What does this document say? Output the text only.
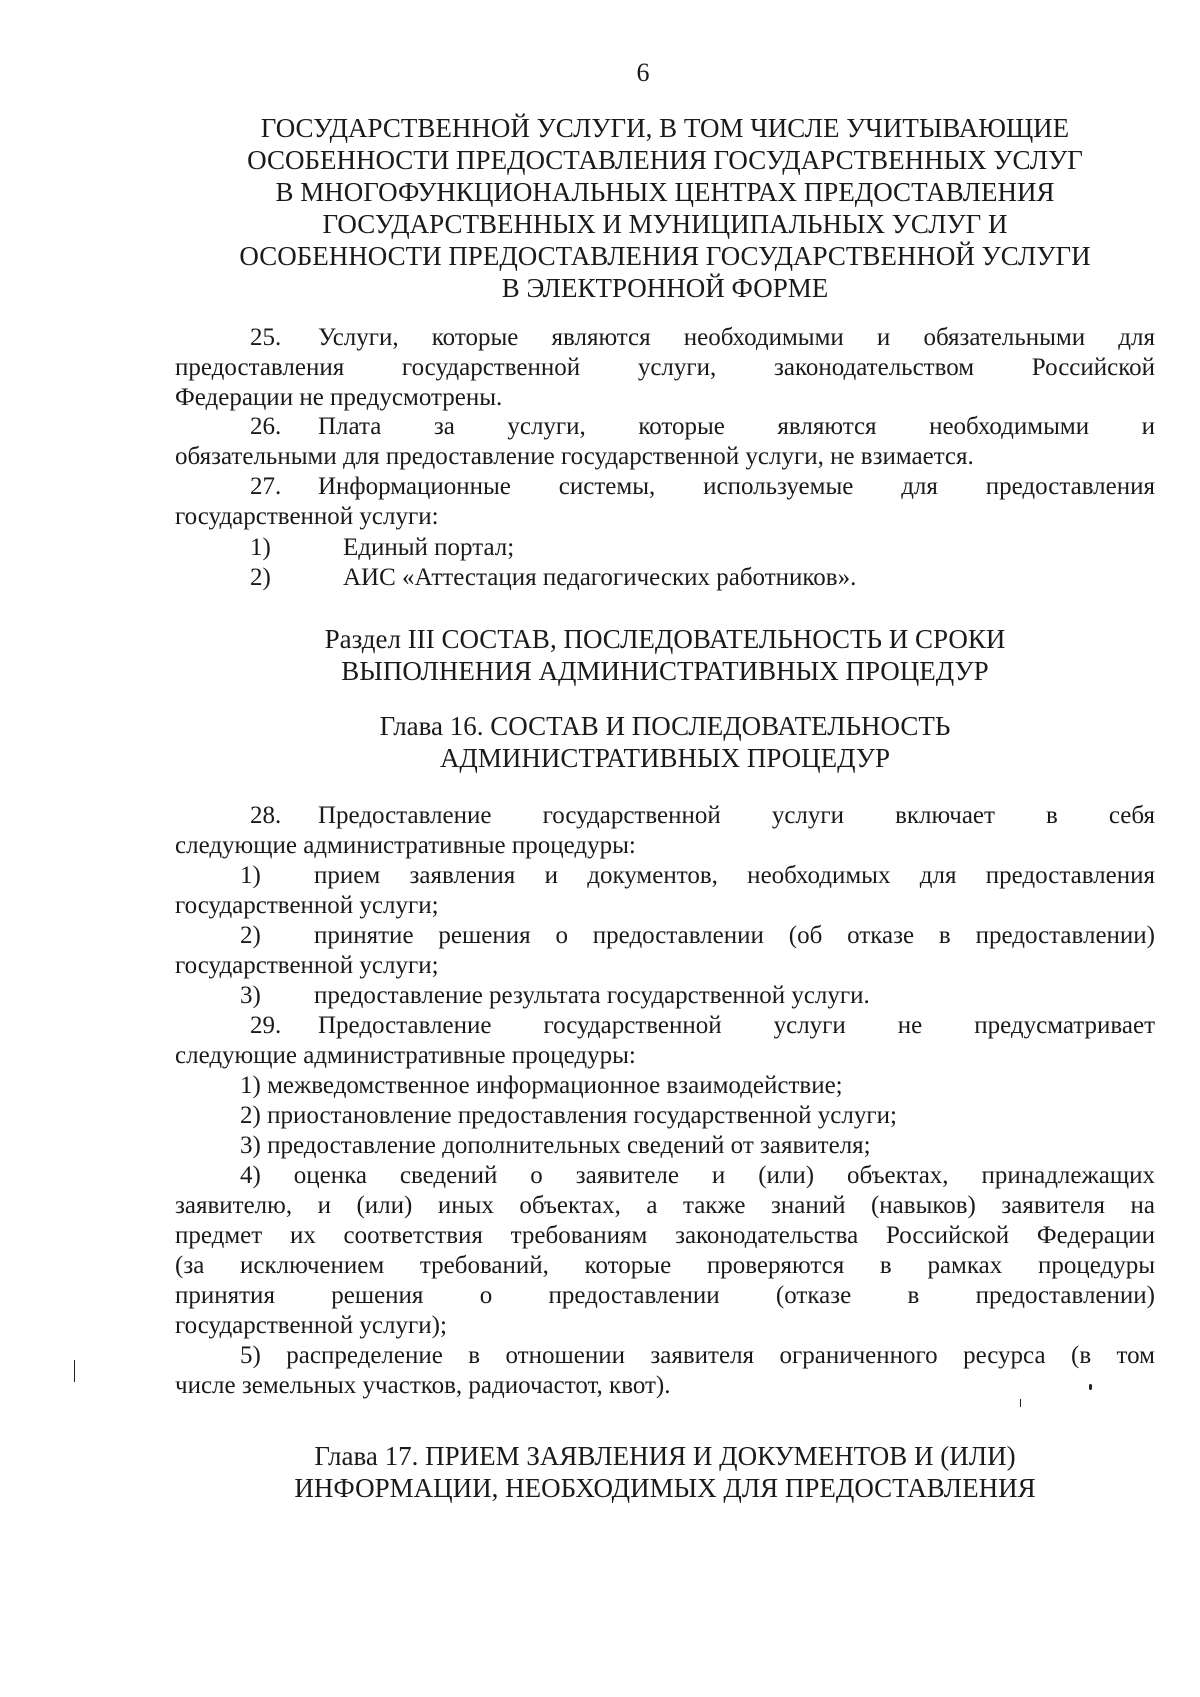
6
ГОСУДАРСТВЕННОЙ УСЛУГИ, В ТОМ ЧИСЛЕ УЧИТЫВАЮЩИЕ
ОСОБЕННОСТИ ПРЕДОСТАВЛЕНИЯ ГОСУДАРСТВЕННЫХ УСЛУГ
В МНОГОФУНКЦИОНАЛЬНЫХ ЦЕНТРАХ ПРЕДОСТАВЛЕНИЯ
ГОСУДАРСТВЕННЫХ И МУНИЦИПАЛЬНЫХ УСЛУГ И
ОСОБЕННОСТИ ПРЕДОСТАВЛЕНИЯ ГОСУДАРСТВЕННОЙ УСЛУГИ
В ЭЛЕКТРОННОЙ ФОРМЕ
25.	Услуги, которые являются необходимыми и обязательными для
предоставления государственной услуги, законодательством Российской
Федерации не предусмотрены.
26.	Плата за услуги, которые являются необходимыми и
обязательными для предоставление государственной услуги, не взимается.
27.	Информационные системы, используемые для предоставления
государственной услуги:
1)	Единый портал;
2)	АИС «Аттестация педагогических работников».
Раздел III СОСТАВ, ПОСЛЕДОВАТЕЛЬНОСТЬ И СРОКИ
ВЫПОЛНЕНИЯ АДМИНИСТРАТИВНЫХ ПРОЦЕДУР
Глава 16. СОСТАВ И ПОСЛЕДОВАТЕЛЬНОСТЬ
АДМИНИСТРАТИВНЫХ ПРОЦЕДУР
28.	Предоставление государственной услуги включает в себя
следующие административные процедуры:
1)	прием заявления и документов, необходимых для предоставления
государственной услуги;
2)	принятие решения о предоставлении (об отказе в предоставлении)
государственной услуги;
3)	предоставление результата государственной услуги.
29.	Предоставление государственной услуги не предусматривает
следующие административные процедуры:
1) межведомственное информационное взаимодействие;
2) приостановление предоставления государственной услуги;
3) предоставление дополнительных сведений от заявителя;
4) оценка сведений о заявителе и (или) объектах, принадлежащих
заявителю, и (или) иных объектах, а также знаний (навыков) заявителя на
предмет их соответствия требованиям законодательства Российской Федерации
(за исключением требований, которые проверяются в рамках процедуры
принятия решения о предоставлении (отказе в предоставлении)
государственной услуги);
5) распределение в отношении заявителя ограниченного ресурса (в том
числе земельных участков, радиочастот, квот).
Глава 17. ПРИЕМ ЗАЯВЛЕНИЯ И ДОКУМЕНТОВ И (ИЛИ)
ИНФОРМАЦИИ, НЕОБХОДИМЫХ ДЛЯ ПРЕДОСТАВЛЕНИЯ
